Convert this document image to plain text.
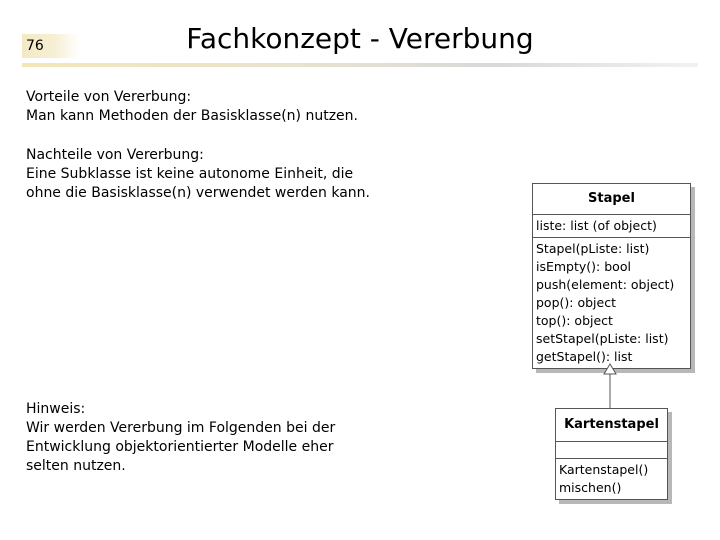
76	Fachkonzept - Vererbung
Vorteile von Vererbung:
Man kann Methoden der Basisklasse(n) nutzen.
Nachteile von Vererbung:
Eine Subklasse ist keine autonome Einheit, die
ohne die Basisklasse(n) verwendet werden kann.
Hinweis:
Wir werden Vererbung im Folgenden bei der
Entwicklung objektorientierter Modelle eher
selten nutzen.
Stapel
liste: list (of object)
Stapel(pListe: list)
isEmpty(): bool
push(element: object)
pop(): object
top(): object
setStapel(pListe: list)
getStapel(): list
Kartenstapel
Kartenstapel()
mischen()
